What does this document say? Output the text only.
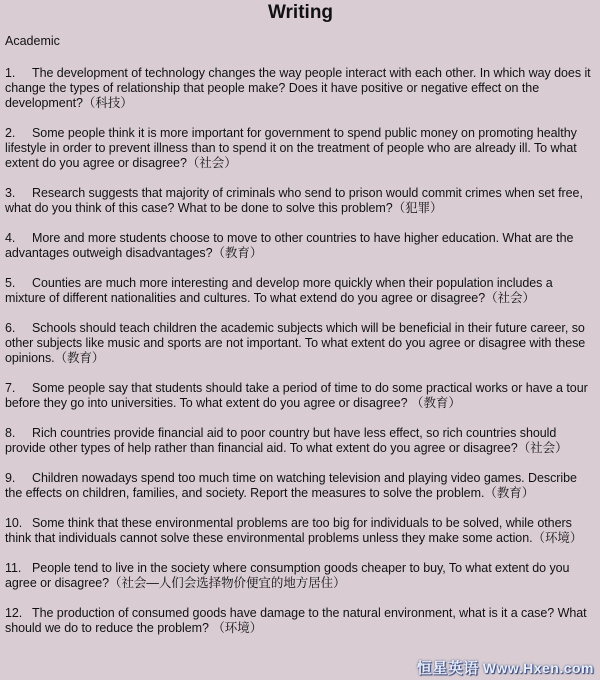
Writing
Academic
1. The development of technology changes the way people interact with each other. In which way does it change the types of relationship that people make? Does it have positive or negative effect on the development?（科技）
2. Some people think it is more important for government to spend public money on promoting healthy lifestyle in order to prevent illness than to spend it on the treatment of people who are already ill. To what extent do you agree or disagree?（社会）
3. Research suggests that majority of criminals who send to prison would commit crimes when set free, what do you think of this case? What to be done to solve this problem?（犯罪）
4. More and more students choose to move to other countries to have higher education. What are the advantages outweigh disadvantages?（教育）
5. Counties are much more interesting and develop more quickly when their population includes a mixture of different nationalities and cultures. To what extend do you agree or disagree?（社会）
6. Schools should teach children the academic subjects which will be beneficial in their future career, so other subjects like music and sports are not important. To what extent do you agree or disagree with these opinions.（教育）
7. Some people say that students should take a period of time to do some practical works or have a tour before they go into universities. To what extent do you agree or disagree? （教育）
8. Rich countries provide financial aid to poor country but have less effect, so rich countries should provide other types of help rather than financial aid. To what extent do you agree or disagree?（社会）
9. Children nowadays spend too much time on watching television and playing video games. Describe the effects on children, families, and society. Report the measures to solve the problem.（教育）
10. Some think that these environmental problems are too big for individuals to be solved, while others think that individuals cannot solve these environmental problems unless they make some action.（环境）
11. People tend to live in the society where consumption goods cheaper to buy, To what extent do you agree or disagree?（社会—人们会选择物价便宜的地方居住）
12. The production of consumed goods have damage to the natural environment, what is it a case? What should we do to reduce the problem? （环境）
恒星英语 Www.Hxen.com
